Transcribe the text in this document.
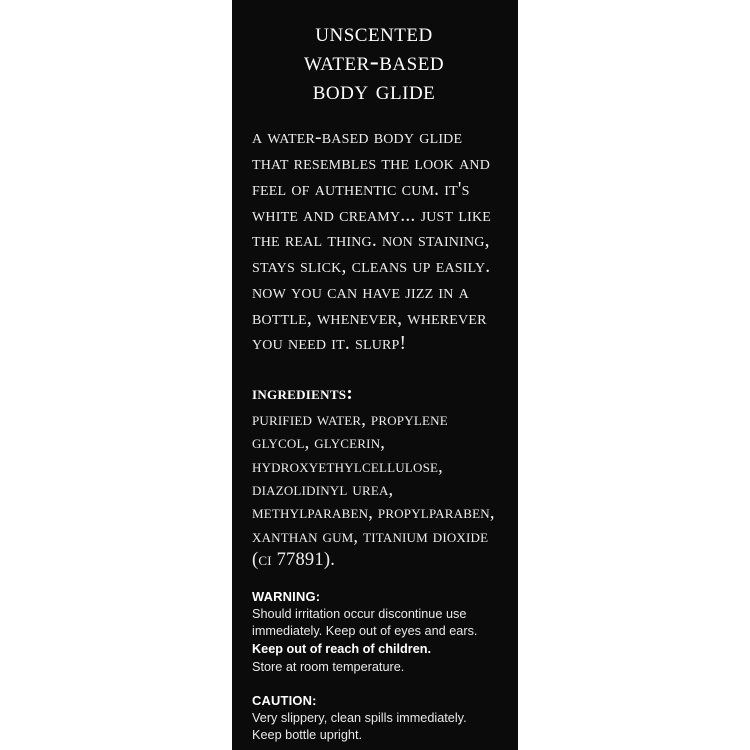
unscented
water-based
body glide
a water-based body glide that resembles the look and feel of authentic cum. it's white and creamy... just like the real thing. non staining, stays slick, cleans up easily. now you can have jizz in a bottle, whenever, wherever you need it. slurp!
ingredients:
purified water, propylene glycol, glycerin, hydroxyethylcellulose, diazolidinyl urea, methylparaben, propylparaben, xanthan gum, titanium dioxide (ci 77891).
WARNING:
Should irritation occur discontinue use immediately. Keep out of eyes and ears.
Keep out of reach of children.
Store at room temperature.
CAUTION:
Very slippery, clean spills immediately.
Keep bottle upright.
